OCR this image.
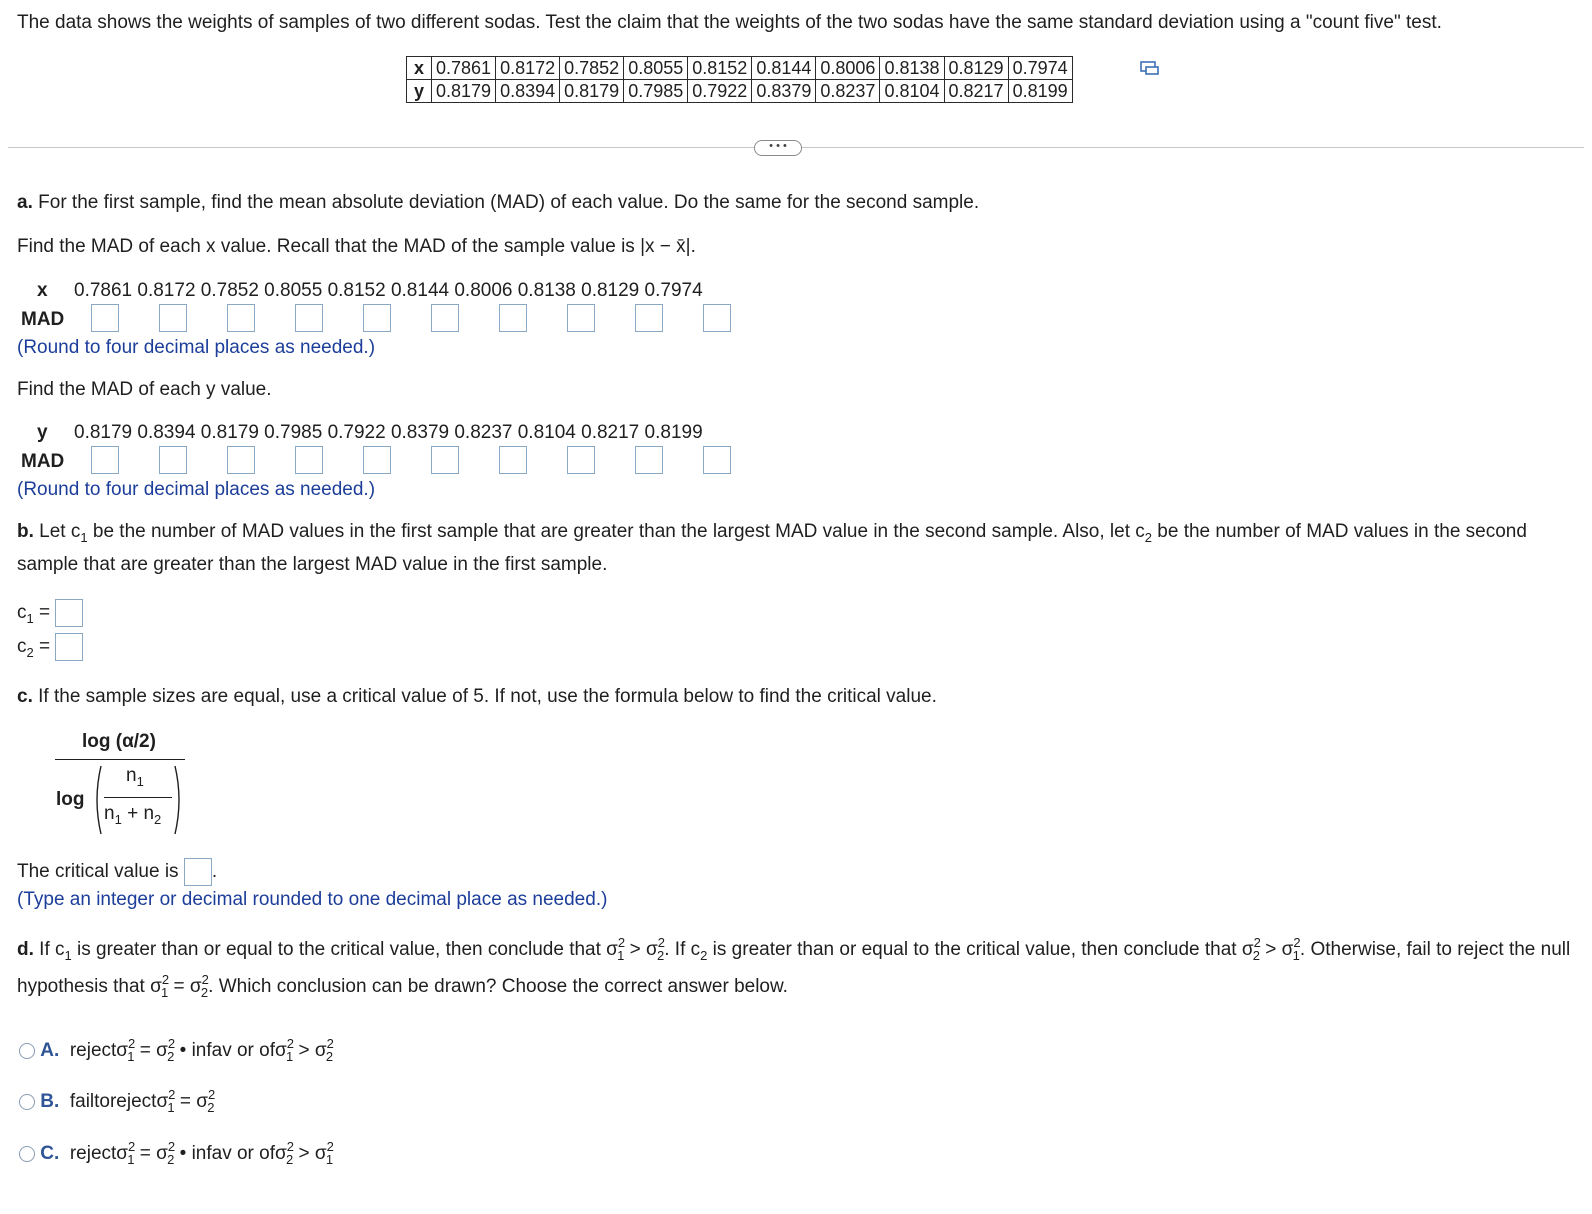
The data shows the weights of samples of two different sodas. Test the claim that the weights of the two sodas have the same standard deviation using a "count five" test.
x	0.7861	0.8172	0.7852	0.8055	0.8152	0.8144	0.8006	0.8138	0.8129	0.7974
y	0.8179	0.8394	0.8179	0.7985	0.7922	0.8379	0.8237	0.8104	0.8217	0.8199
• • •
a. For the first sample, find the mean absolute deviation (MAD) of each value. Do the same for the second sample.
Find the MAD of each x value. Recall that the MAD of the sample value is |x − x̄|.
x 0.7861 0.8172 0.7852 0.8055 0.8152 0.8144 0.8006 0.8138 0.8129 0.7974
MAD
(Round to four decimal places as needed.)
Find the MAD of each y value.
y 0.8179 0.8394 0.8179 0.7985 0.7922 0.8379 0.8237 0.8104 0.8217 0.8199
MAD
(Round to four decimal places as needed.)
b. Let $c_1$ be the number of MAD values in the first sample that are greater than the largest MAD value in the second sample. Also, let $c_2$ be the number of MAD values in the second sample that are greater than the largest MAD value in the first sample.
$c_1$ =
$c_2$ =
c. If the sample sizes are equal, use a critical value of 5. If not, use the formula below to find the critical value.
log (α/2)
log
$n_1$
$n_1 + n_2$
The critical value is .
(Type an integer or decimal rounded to one decimal place as needed.)
d. If $c_1$ is greater than or equal to the critical value, then conclude that $\sigma^2_1 > \sigma^2_2$. If $c_2$ is greater than or equal to the critical value, then conclude that $\sigma^2_2 > \sigma^2_1$. Otherwise, fail to reject the null hypothesis that $\sigma^2_1 = \sigma^2_2$. Which conclusion can be drawn? Choose the correct answer below.
A. rejectσ$^2_1$ = $\sigma^2_2$ • infav or $of\sigma^2_1 > \sigma^2_2$
B. failtorejectσ$^2_1$ = $\sigma^2_2$
C. rejectσ$^2_1$ = $\sigma^2_2$ • infav or $of\sigma^2_2 > \sigma^2_1$
